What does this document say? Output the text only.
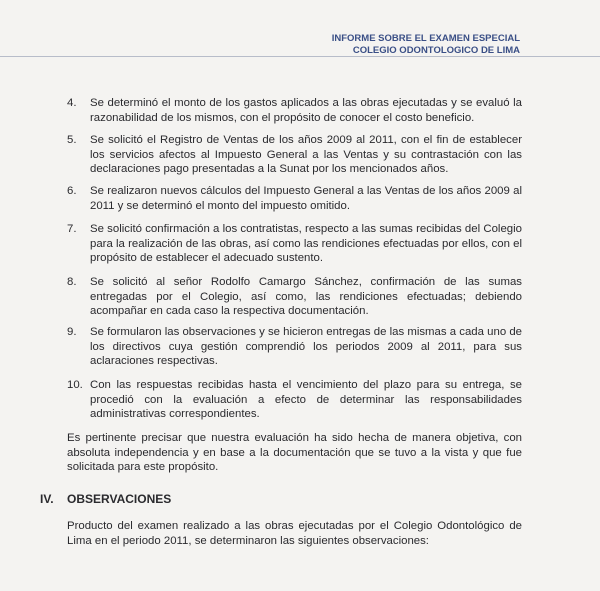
INFORME SOBRE EL EXAMEN ESPECIAL
COLEGIO ODONTOLOGICO DE LIMA
4. Se determinó el monto de los gastos aplicados a las obras ejecutadas y se evaluó la razonabilidad de los mismos, con el propósito de conocer el costo beneficio.
5. Se solicitó el Registro de Ventas de los años 2009 al 2011, con el fin de establecer los servicios afectos al Impuesto General a las Ventas y su contrastación con las declaraciones pago presentadas a la Sunat por los mencionados años.
6. Se realizaron nuevos cálculos del Impuesto General a las Ventas de los años 2009 al 2011 y se determinó el monto del impuesto omitido.
7. Se solicitó confirmación a los contratistas, respecto a las sumas recibidas del Colegio para la realización de las obras, así como las rendiciones efectuadas por ellos, con el propósito de establecer el adecuado sustento.
8. Se solicitó al señor Rodolfo Camargo Sánchez, confirmación de las sumas entregadas por el Colegio, así como, las rendiciones efectuadas; debiendo acompañar en cada caso la respectiva documentación.
9. Se formularon las observaciones y se hicieron entregas de las mismas a cada uno de los directivos cuya gestión comprendió los periodos 2009 al 2011, para sus aclaraciones respectivas.
10. Con las respuestas recibidas hasta el vencimiento del plazo para su entrega, se procedió con la evaluación a efecto de determinar las responsabilidades administrativas correspondientes.
Es pertinente precisar que nuestra evaluación ha sido hecha de manera objetiva, con absoluta independencia y en base a la documentación que se tuvo a la vista y que fue solicitada para este propósito.
IV. OBSERVACIONES
Producto del examen realizado a las obras ejecutadas por el Colegio Odontológico de Lima en el periodo 2011, se determinaron las siguientes observaciones:
